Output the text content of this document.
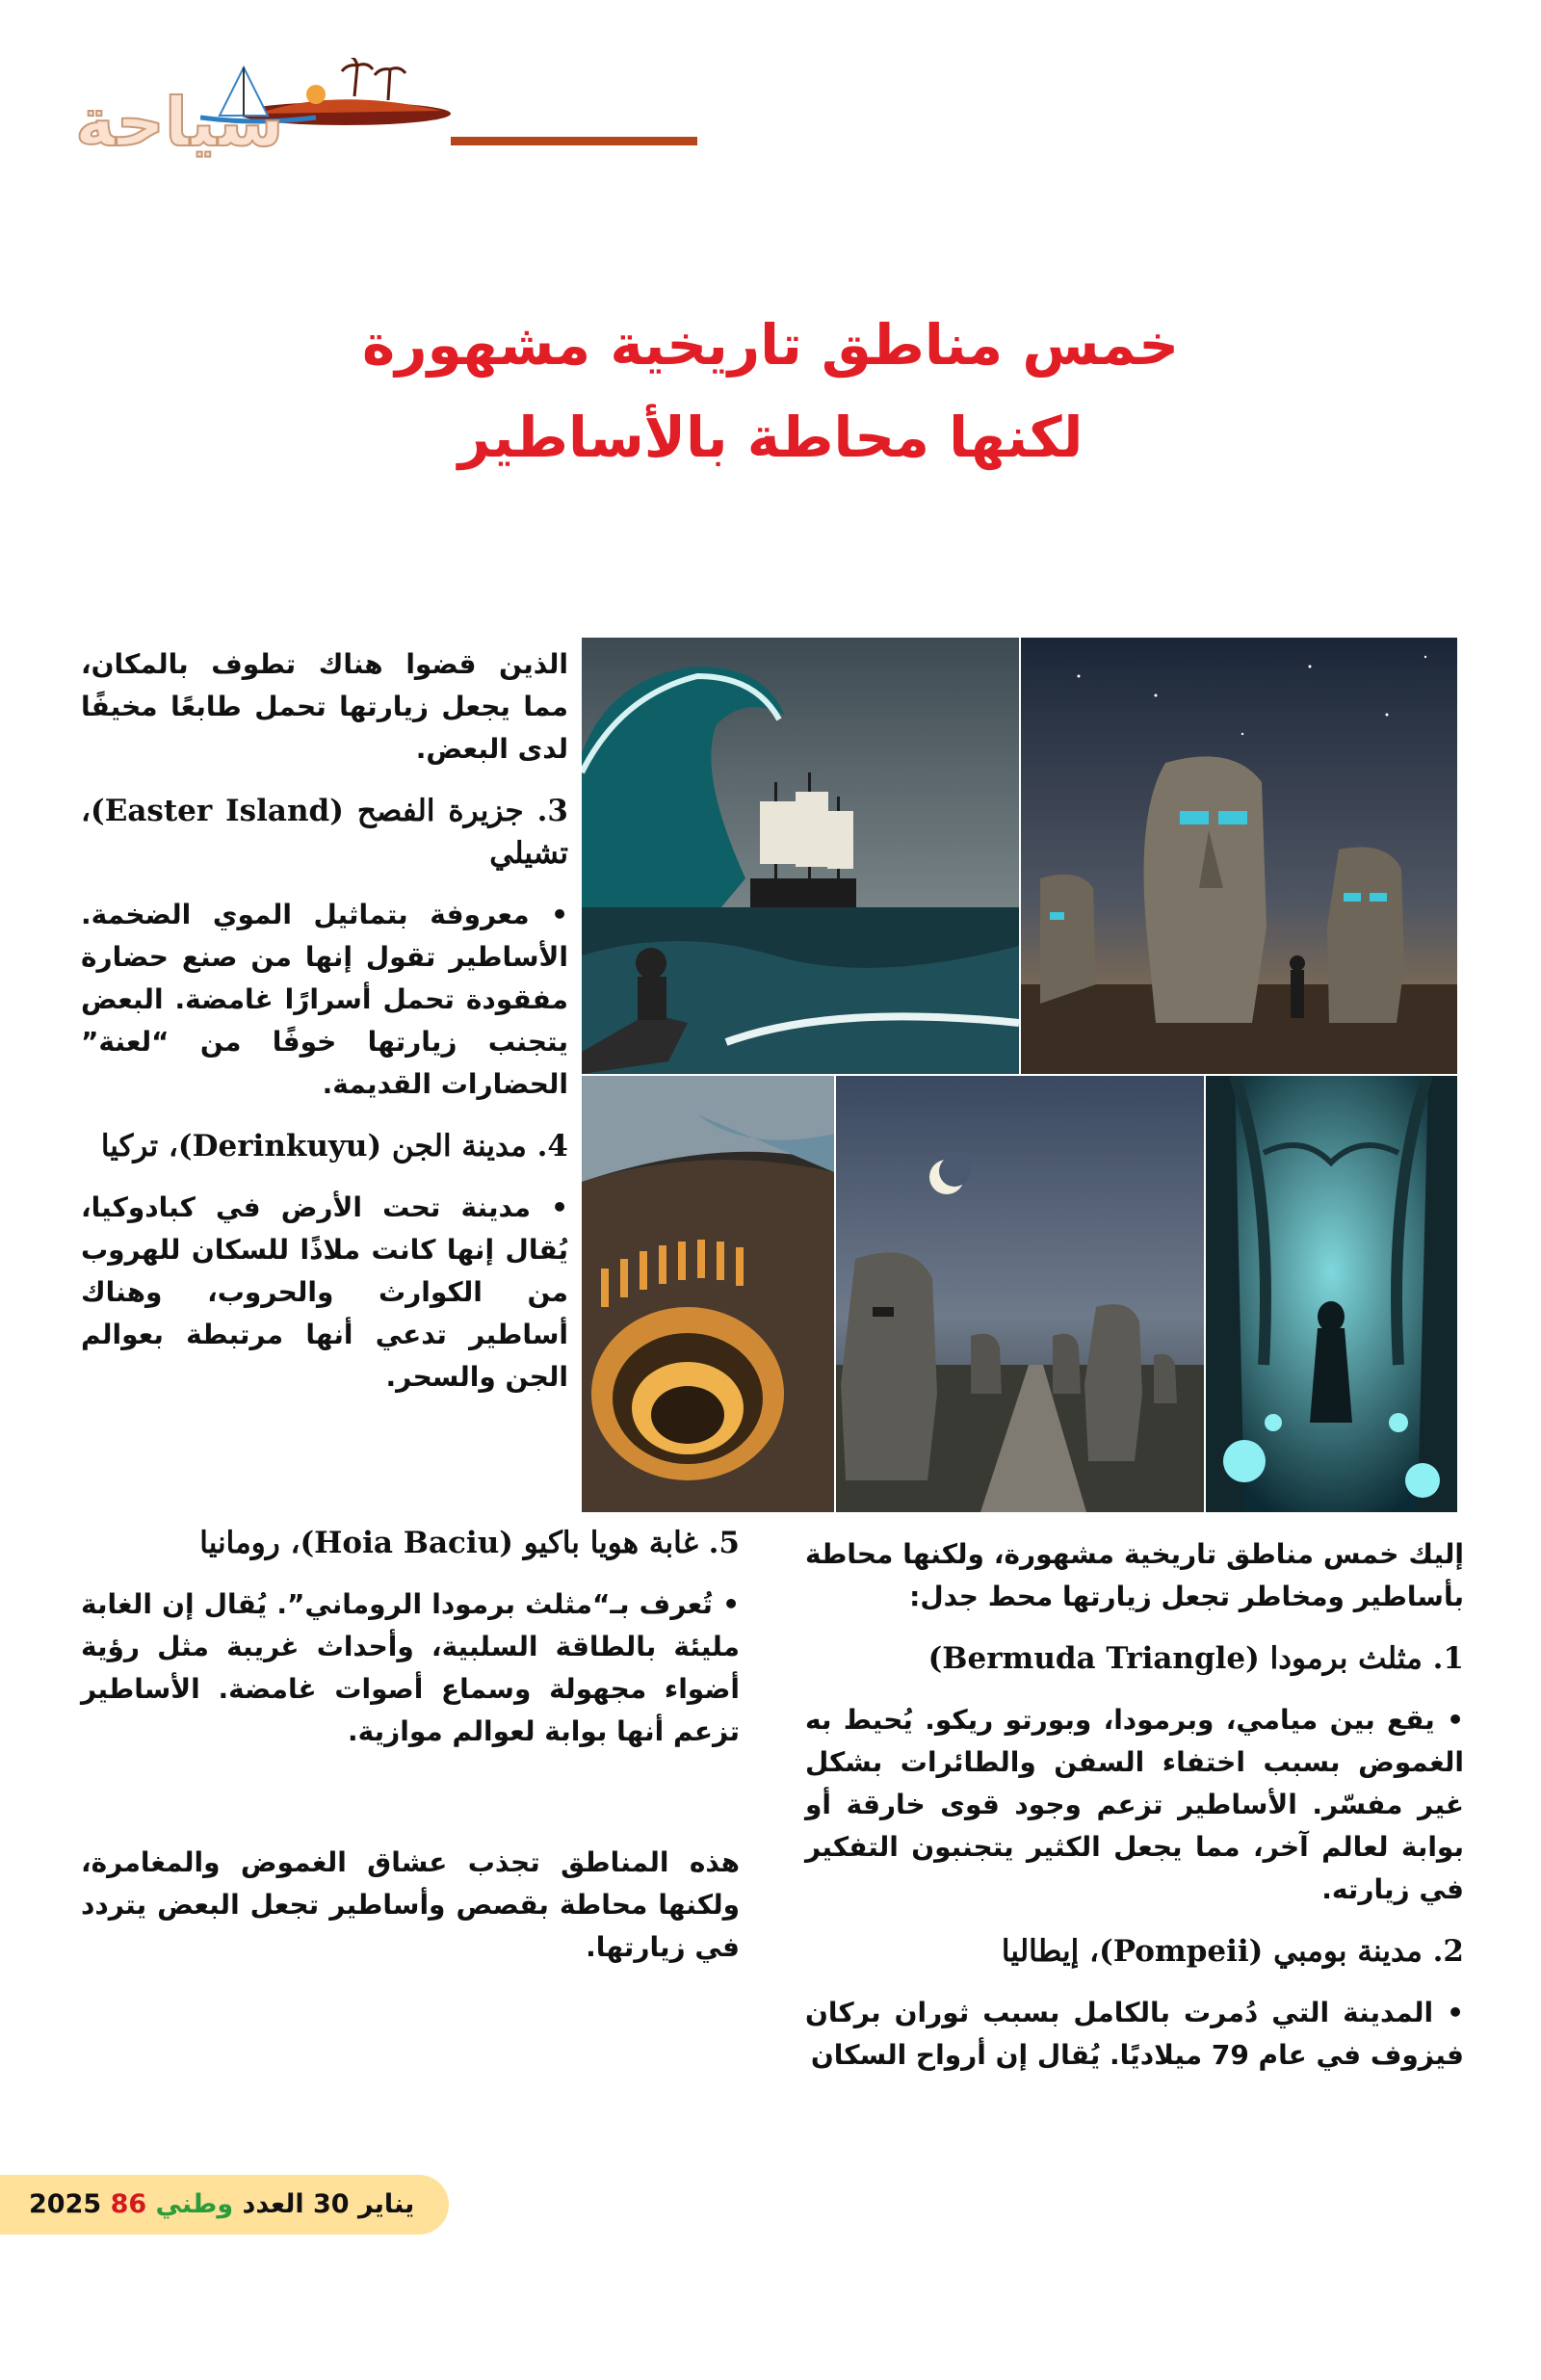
سياحة
خمس مناطق تاريخية مشهورة
لكنها محاطة بالأساطير

الذين قضوا هناك تطوف بالمكان، مما يجعل زيارتها تحمل طابعًا مخيفًا لدى البعض.

3. جزيرة الفصح (Easter Island)، تشيلي

• معروفة بتماثيل الموي الضخمة. الأساطير تقول إنها من صنع حضارة مفقودة تحمل أسرارًا غامضة. البعض يتجنب زيارتها خوفًا من “لعنة” الحضارات القديمة.

4. مدينة الجن (Derinkuyu)، تركيا

• مدينة تحت الأرض في كبادوكيا، يُقال إنها كانت ملاذًا للسكان للهروب من الكوارث والحروب، وهناك أساطير تدعي أنها مرتبطة بعوالم الجن والسحر.

5. غابة هويا باكيو (Hoia Baciu)، رومانيا

• تُعرف بـ“مثلث برمودا الروماني”. يُقال إن الغابة مليئة بالطاقة السلبية، وأحداث غريبة مثل رؤية أضواء مجهولة وسماع أصوات غامضة. الأساطير تزعم أنها بوابة لعوالم موازية.

هذه المناطق تجذب عشاق الغموض والمغامرة، ولكنها محاطة بقصص وأساطير تجعل البعض يتردد في زيارتها.

إليك خمس مناطق تاريخية مشهورة، ولكنها محاطة بأساطير ومخاطر تجعل زيارتها محط جدل:

1. مثلث برمودا (Bermuda Triangle)

• يقع بين ميامي، وبرمودا، وبورتو ريكو. يُحيط به الغموض بسبب اختفاء السفن والطائرات بشكل غير مفسّر. الأساطير تزعم وجود قوى خارقة أو بوابة لعالم آخر، مما يجعل الكثير يتجنبون التفكير في زيارته.

2. مدينة بومبي (Pompeii)، إيطاليا

• المدينة التي دُمرت بالكامل بسبب ثوران بركان فيزوف في عام 79 ميلاديًا. يُقال إن أرواح السكان

2025	يناير 30 العدد وطني 86
